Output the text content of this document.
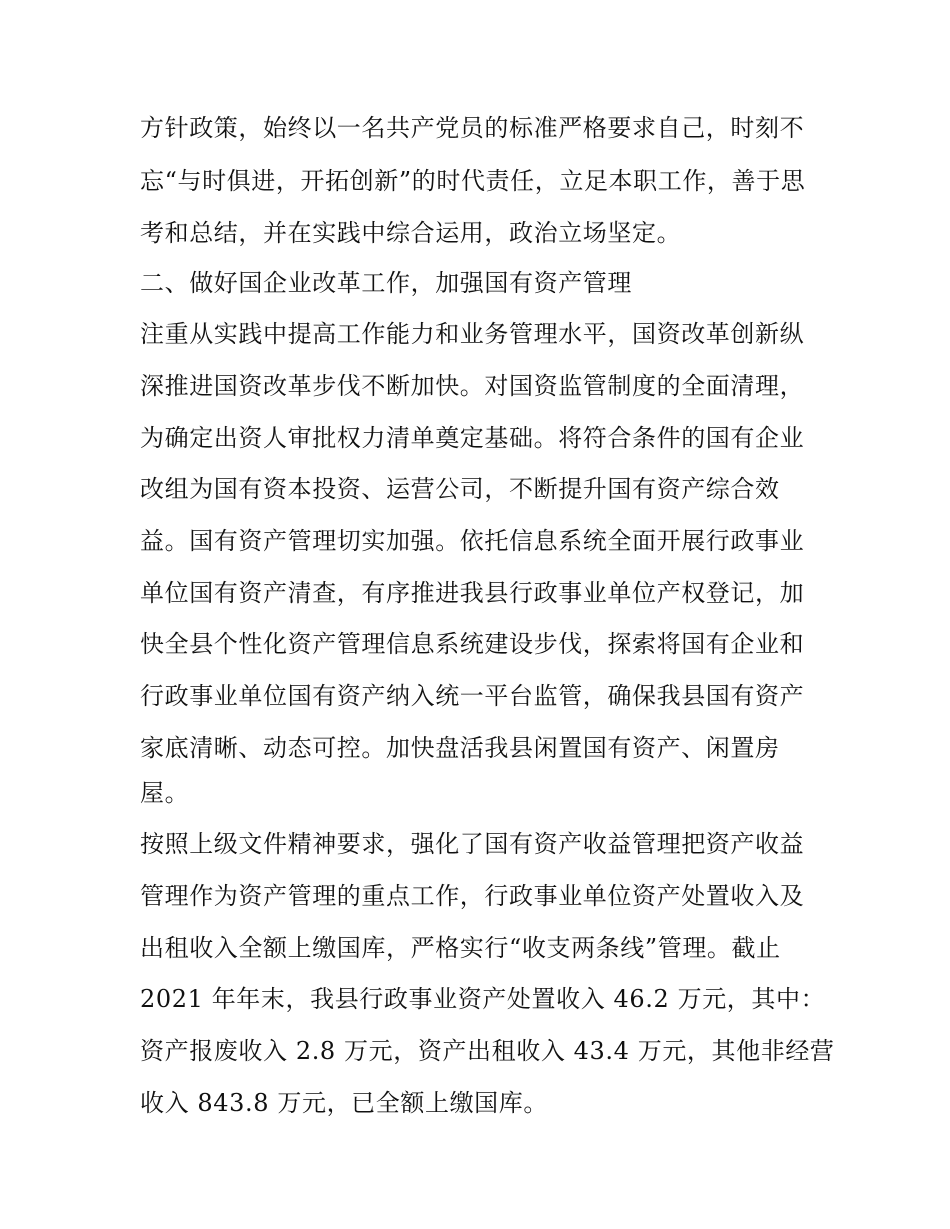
方针政策，始终以一名共产党员的标准严格要求自己，时刻不
忘“与时俱进，开拓创新”的时代责任，立足本职工作，善于思
考和总结，并在实践中综合运用，政治立场坚定。
二、做好国企业改革工作，加强国有资产管理
注重从实践中提高工作能力和业务管理水平，国资改革创新纵
深推进国资改革步伐不断加快。对国资监管制度的全面清理，
为确定出资人审批权力清单奠定基础。将符合条件的国有企业
改组为国有资本投资、运营公司，不断提升国有资产综合效
益。国有资产管理切实加强。依托信息系统全面开展行政事业
单位国有资产清查，有序推进我县行政事业单位产权登记，加
快全县个性化资产管理信息系统建设步伐，探索将国有企业和
行政事业单位国有资产纳入统一平台监管，确保我县国有资产
家底清晰、动态可控。加快盘活我县闲置国有资产、闲置房
屋。
按照上级文件精神要求，强化了国有资产收益管理把资产收益
管理作为资产管理的重点工作，行政事业单位资产处置收入及
出租收入全额上缴国库，严格实行“收支两条线”管理。截止
2021 年年末，我县行政事业资产处置收入 46.2 万元，其中：
资产报废收入 2.8 万元，资产出租收入 43.4 万元，其他非经营
收入 843.8 万元，已全额上缴国库。
